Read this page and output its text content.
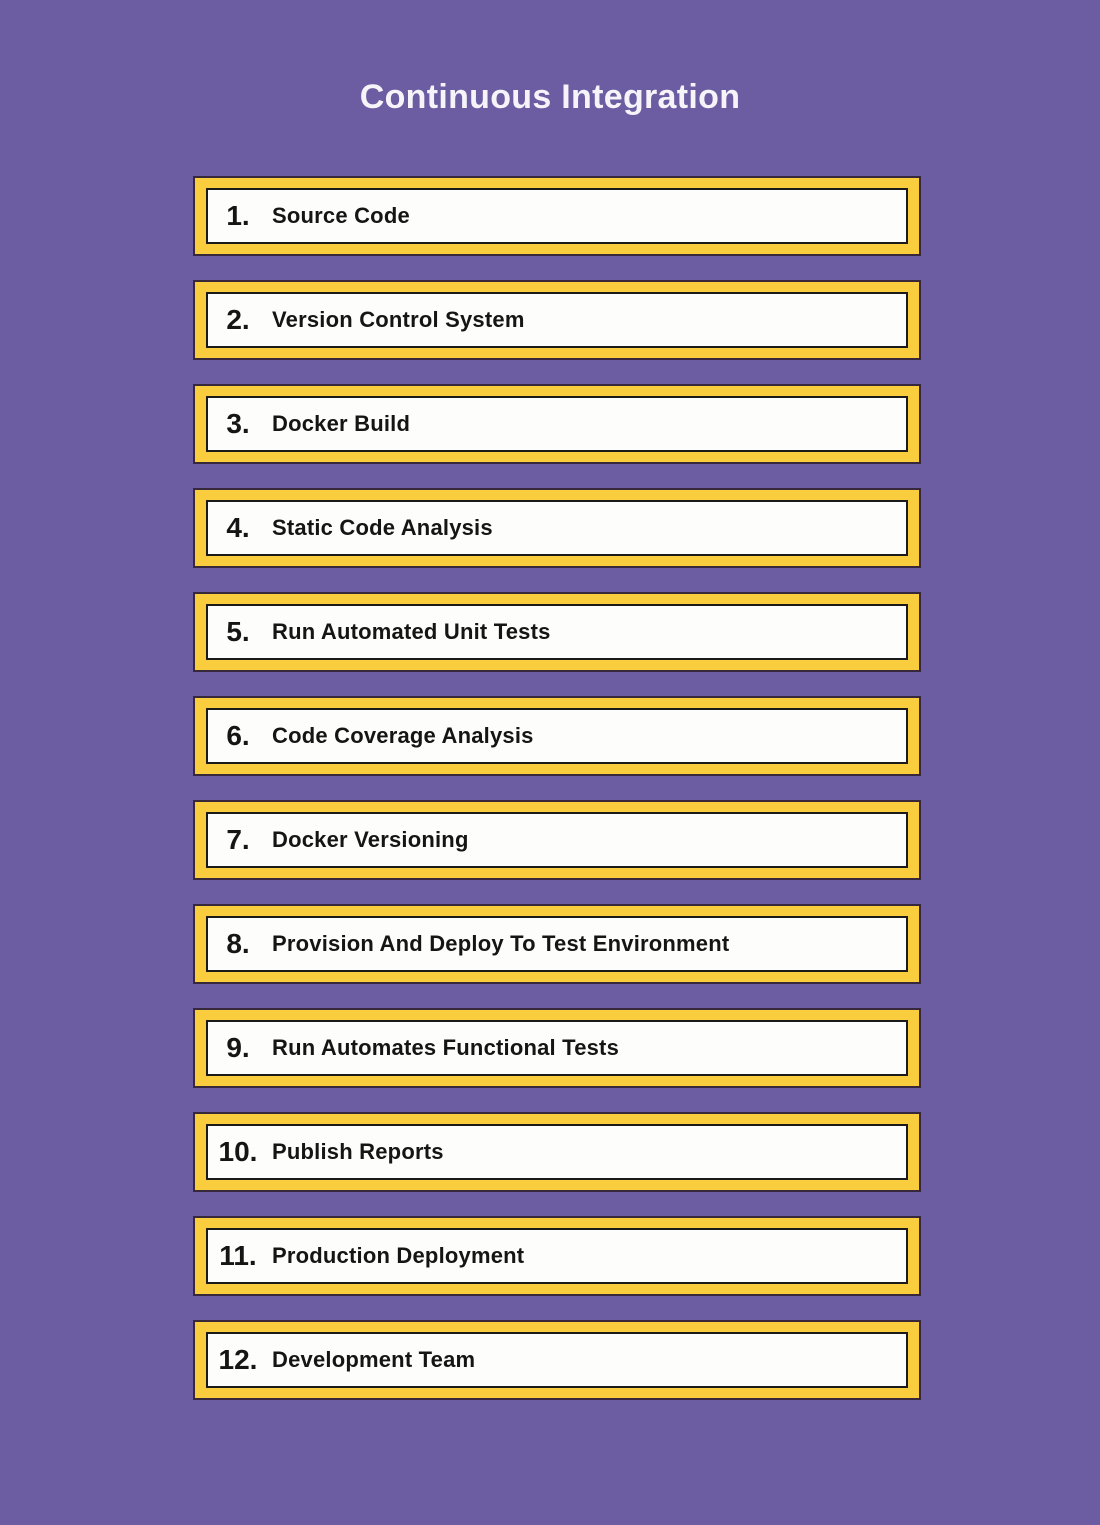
Continuous Integration
1.	Source Code
2.	Version Control System
3.	Docker Build
4.	Static Code Analysis
5.	Run Automated Unit Tests
6.	Code Coverage Analysis
7.	Docker Versioning
8.	Provision And Deploy To Test Environment
9.	Run Automates Functional Tests
10. Publish Reports
11. Production Deployment
12. Development Team
